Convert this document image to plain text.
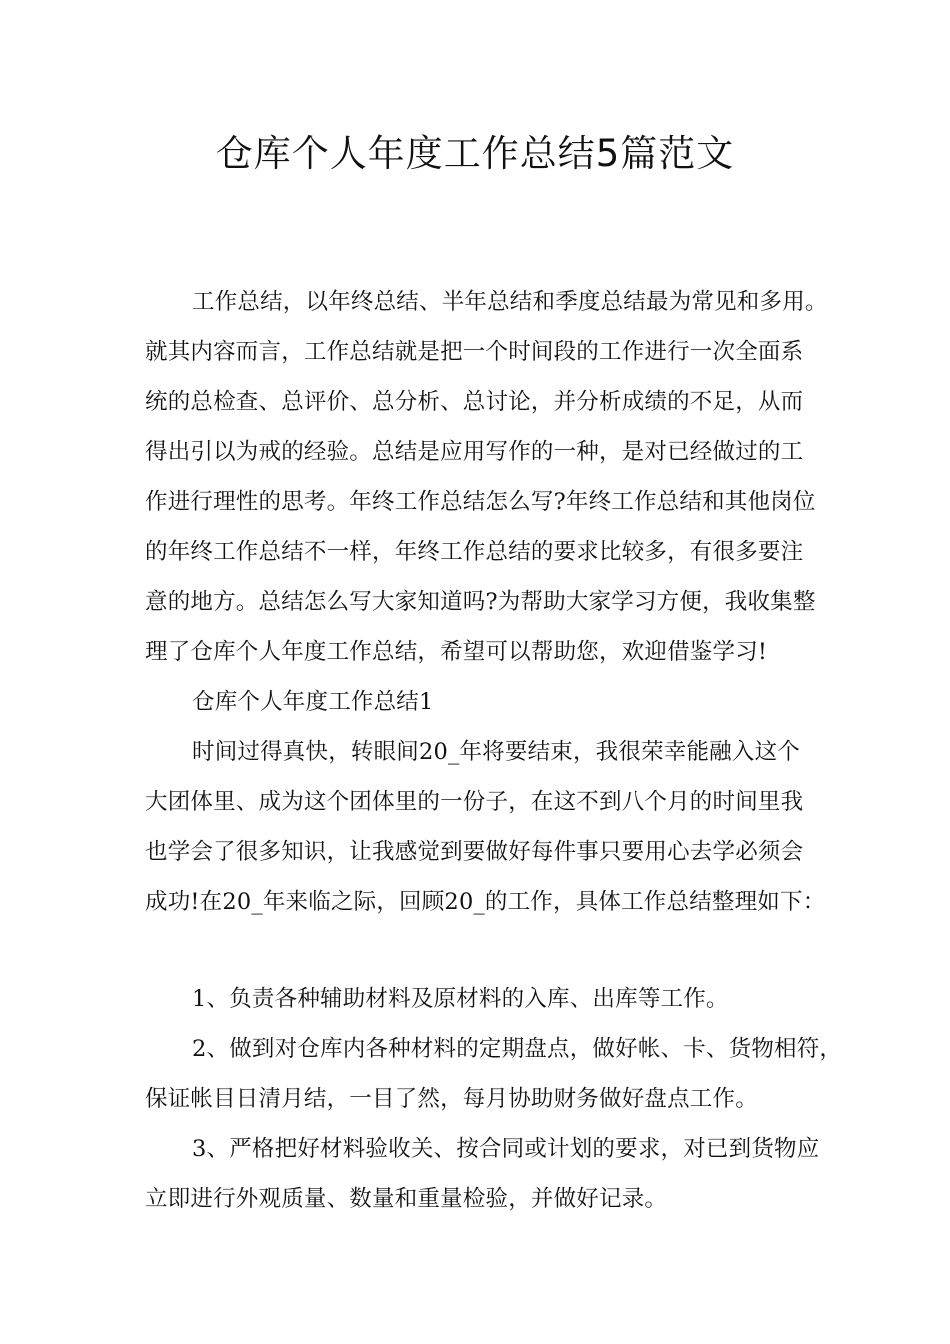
仓库个人年度工作总结5篇范文
工作总结，以年终总结、半年总结和季度总结最为常见和多用。
就其内容而言，工作总结就是把一个时间段的工作进行一次全面系
统的总检查、总评价、总分析、总讨论，并分析成绩的不足，从而
得出引以为戒的经验。总结是应用写作的一种，是对已经做过的工
作进行理性的思考。年终工作总结怎么写?年终工作总结和其他岗位
的年终工作总结不一样，年终工作总结的要求比较多，有很多要注
意的地方。总结怎么写大家知道吗?为帮助大家学习方便，我收集整
理了仓库个人年度工作总结，希望可以帮助您，欢迎借鉴学习!
仓库个人年度工作总结1
时间过得真快，转眼间20_年将要结束，我很荣幸能融入这个
大团体里、成为这个团体里的一份子，在这不到八个月的时间里我
也学会了很多知识，让我感觉到要做好每件事只要用心去学必须会
成功!在20_年来临之际，回顾20_的工作，具体工作总结整理如下：
1、负责各种辅助材料及原材料的入库、出库等工作。
2、做到对仓库内各种材料的定期盘点，做好帐、卡、货物相符，
保证帐目日清月结，一目了然，每月协助财务做好盘点工作。
3、严格把好材料验收关、按合同或计划的要求，对已到货物应
立即进行外观质量、数量和重量检验，并做好记录。
